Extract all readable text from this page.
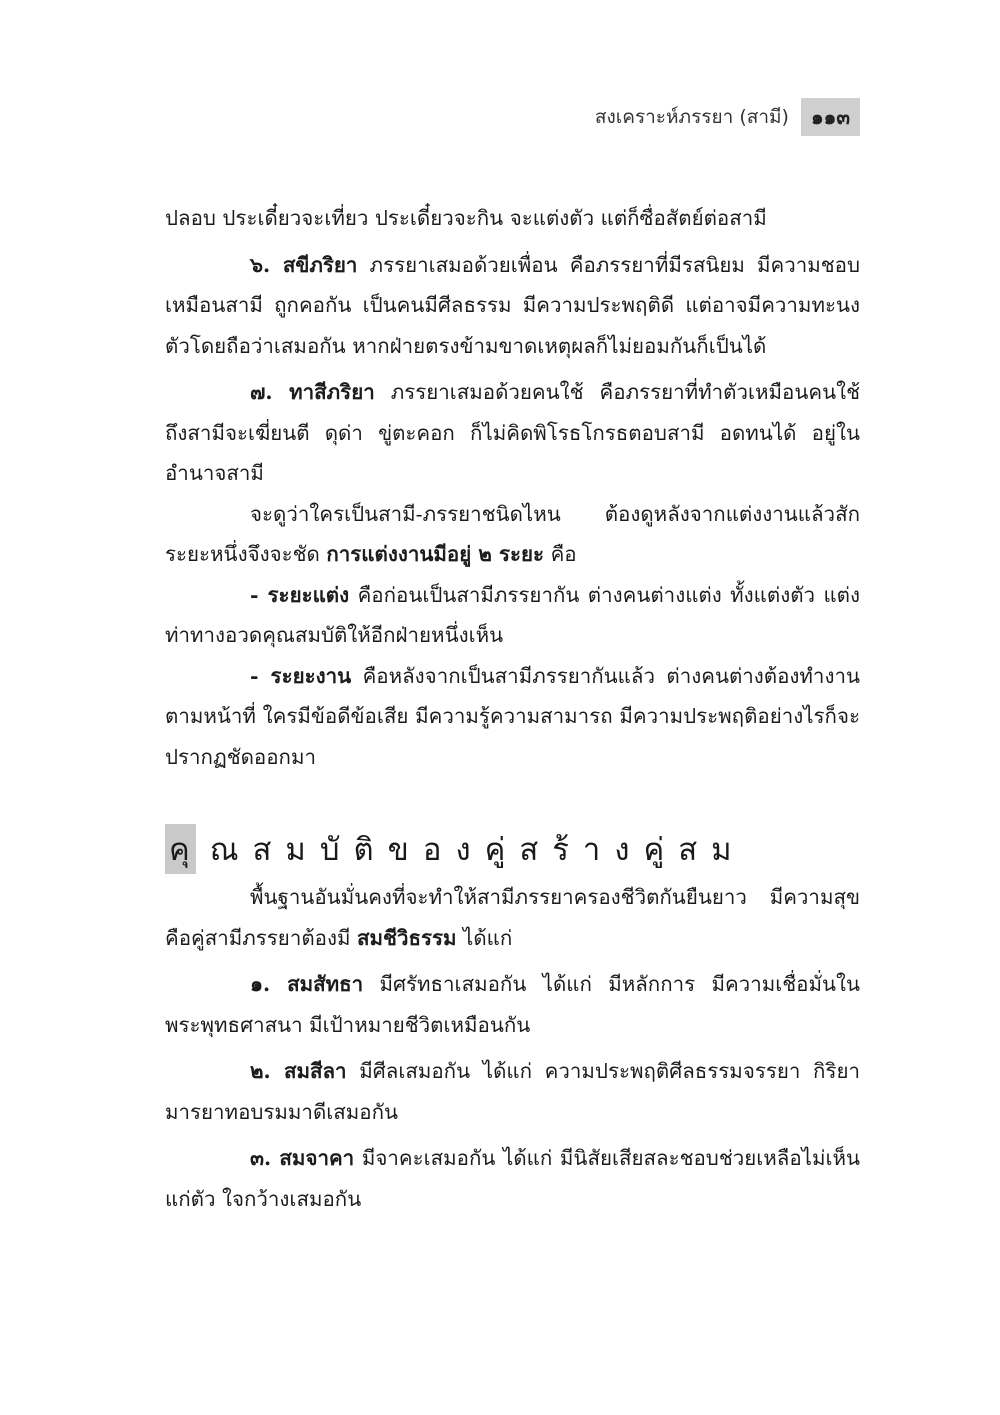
สงเคราะห์ภรรยา (สามี)	๑๑๓

ปลอบ ประเดี๋ยวจะเที่ยว ประเดี๋ยวจะกิน จะแต่งตัว แต่ก็ซื่อสัตย์ต่อสามี

๖. สขีภริยา ภรรยาเสมอด้วยเพื่อน คือภรรยาที่มีรสนิยม มีความชอบเหมือนสามี ถูกคอกัน เป็นคนมีศีลธรรม มีความประพฤติดี แต่อาจมีความทะนงตัวโดยถือว่าเสมอกัน หากฝ่ายตรงข้ามขาดเหตุผลก็ไม่ยอมกันก็เป็นได้

๗. ทาสีภริยา ภรรยาเสมอด้วยคนใช้ คือภรรยาที่ทำตัวเหมือนคนใช้ ถึงสามีจะเฆี่ยนตี ดุด่า ขู่ตะคอก ก็ไม่คิดพิโรธโกรธตอบสามี อดทนได้ อยู่ในอำนาจสามี

จะดูว่าใครเป็นสามี-ภรรยาชนิดไหน ต้องดูหลังจากแต่งงานแล้วสักระยะหนึ่งจึงจะชัด การแต่งงานมีอยู่ ๒ ระยะ คือ

- ระยะแต่ง คือก่อนเป็นสามีภรรยากัน ต่างคนต่างแต่ง ทั้งแต่งตัว แต่งท่าทางอวดคุณสมบัติให้อีกฝ่ายหนึ่งเห็น

- ระยะงาน คือหลังจากเป็นสามีภรรยากันแล้ว ต่างคนต่างต้องทำงานตามหน้าที่ ใครมีข้อดีข้อเสีย มีความรู้ความสามารถ มีความประพฤติอย่างไรก็จะปรากฏชัดออกมา

คุ ณสมบัติของคู่สร้างคู่สม

พื้นฐานอันมั่นคงที่จะทำให้สามีภรรยาครองชีวิตกันยืนยาว มีความสุข คือคู่สามีภรรยาต้องมี สมชีวิธรรม ได้แก่

๑. สมสัทธา มีศรัทธาเสมอกัน ได้แก่ มีหลักการ มีความเชื่อมั่นในพระพุทธศาสนา มีเป้าหมายชีวิตเหมือนกัน

๒. สมสีลา มีศีลเสมอกัน ได้แก่ ความประพฤติศีลธรรมจรรยา กิริยามารยาทอบรมมาดีเสมอกัน

๓. สมจาคา มีจาคะเสมอกัน ได้แก่ มีนิสัยเสียสละชอบช่วยเหลือไม่เห็นแก่ตัว ใจกว้างเสมอกัน
